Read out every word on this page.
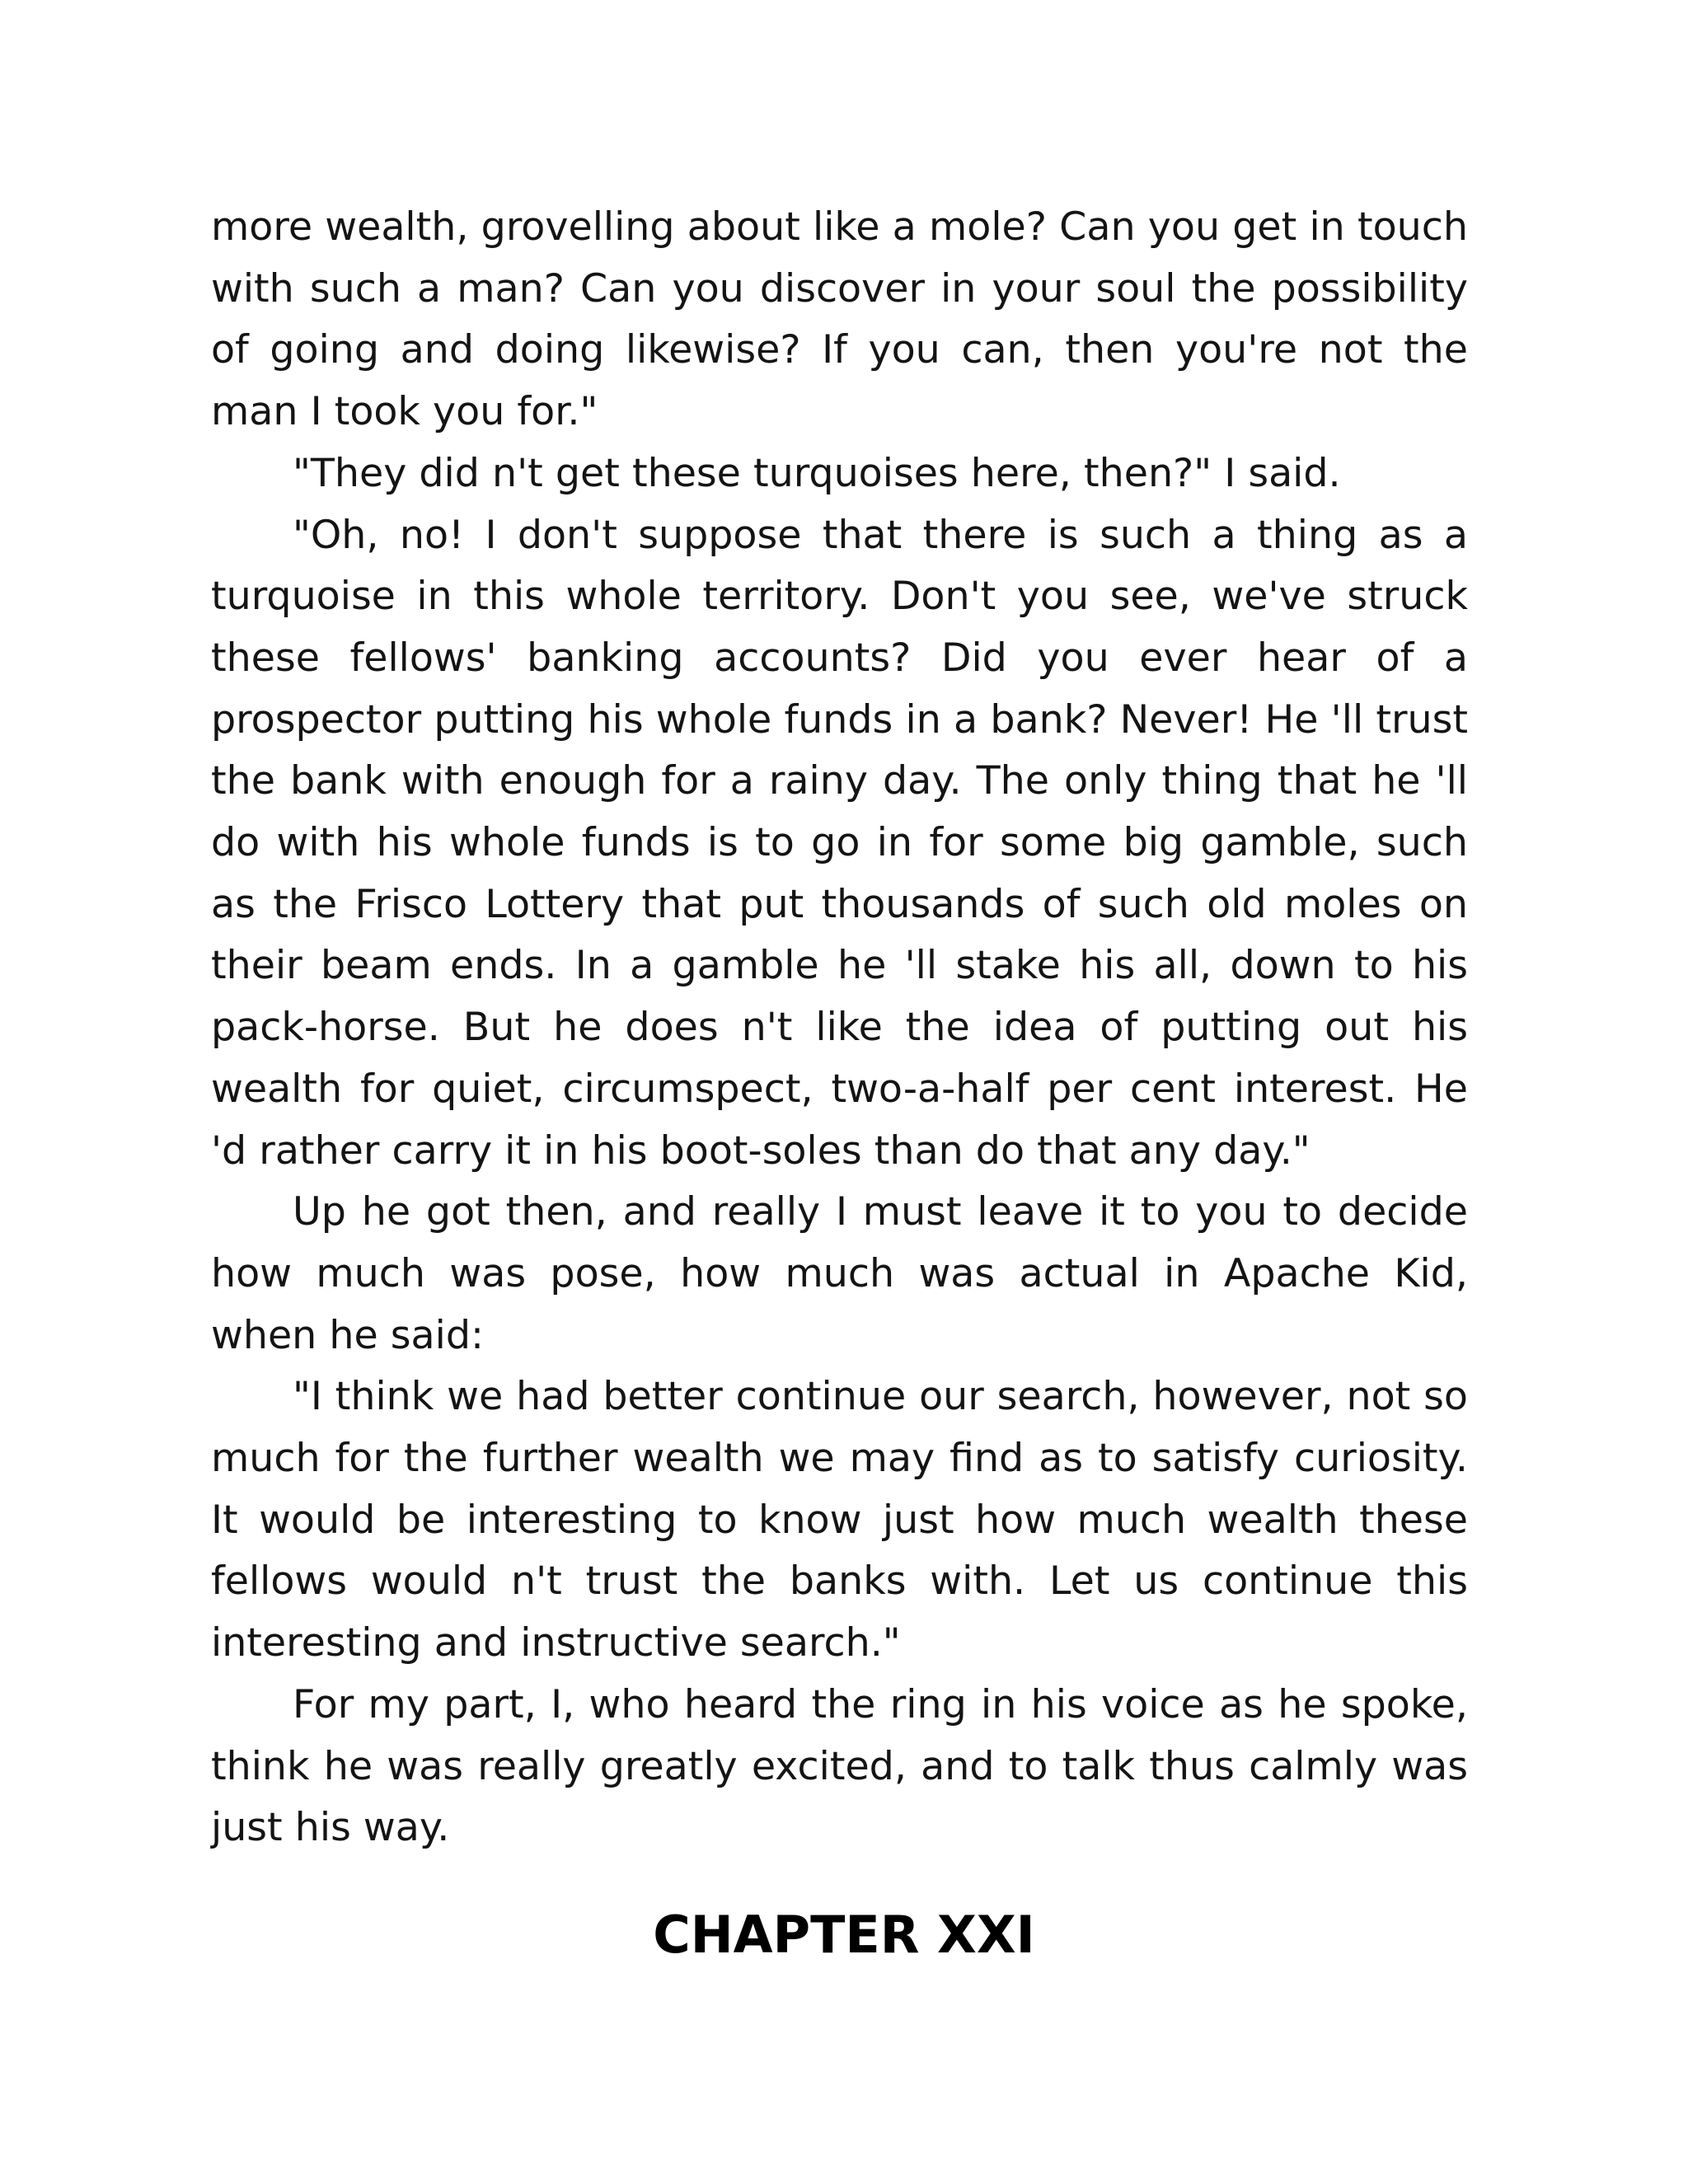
more wealth, grovelling about like a mole? Can you get in touch with such a man? Can you discover in your soul the possibility of going and doing likewise? If you can, then you're not the man I took you for."

"They did n't get these turquoises here, then?" I said.

"Oh, no! I don't suppose that there is such a thing as a turquoise in this whole territory. Don't you see, we've struck these fellows' banking accounts? Did you ever hear of a prospector putting his whole funds in a bank? Never! He 'll trust the bank with enough for a rainy day. The only thing that he 'll do with his whole funds is to go in for some big gamble, such as the Frisco Lottery that put thousands of such old moles on their beam ends. In a gamble he 'll stake his all, down to his pack-horse. But he does n't like the idea of putting out his wealth for quiet, circumspect, two-a-half per cent interest. He 'd rather carry it in his boot-soles than do that any day."

Up he got then, and really I must leave it to you to decide how much was pose, how much was actual in Apache Kid, when he said:

"I think we had better continue our search, however, not so much for the further wealth we may find as to satisfy curiosity. It would be interesting to know just how much wealth these fellows would n't trust the banks with. Let us continue this interesting and instructive search."

For my part, I, who heard the ring in his voice as he spoke, think he was really greatly excited, and to talk thus calmly was just his way.

CHAPTER XXI
